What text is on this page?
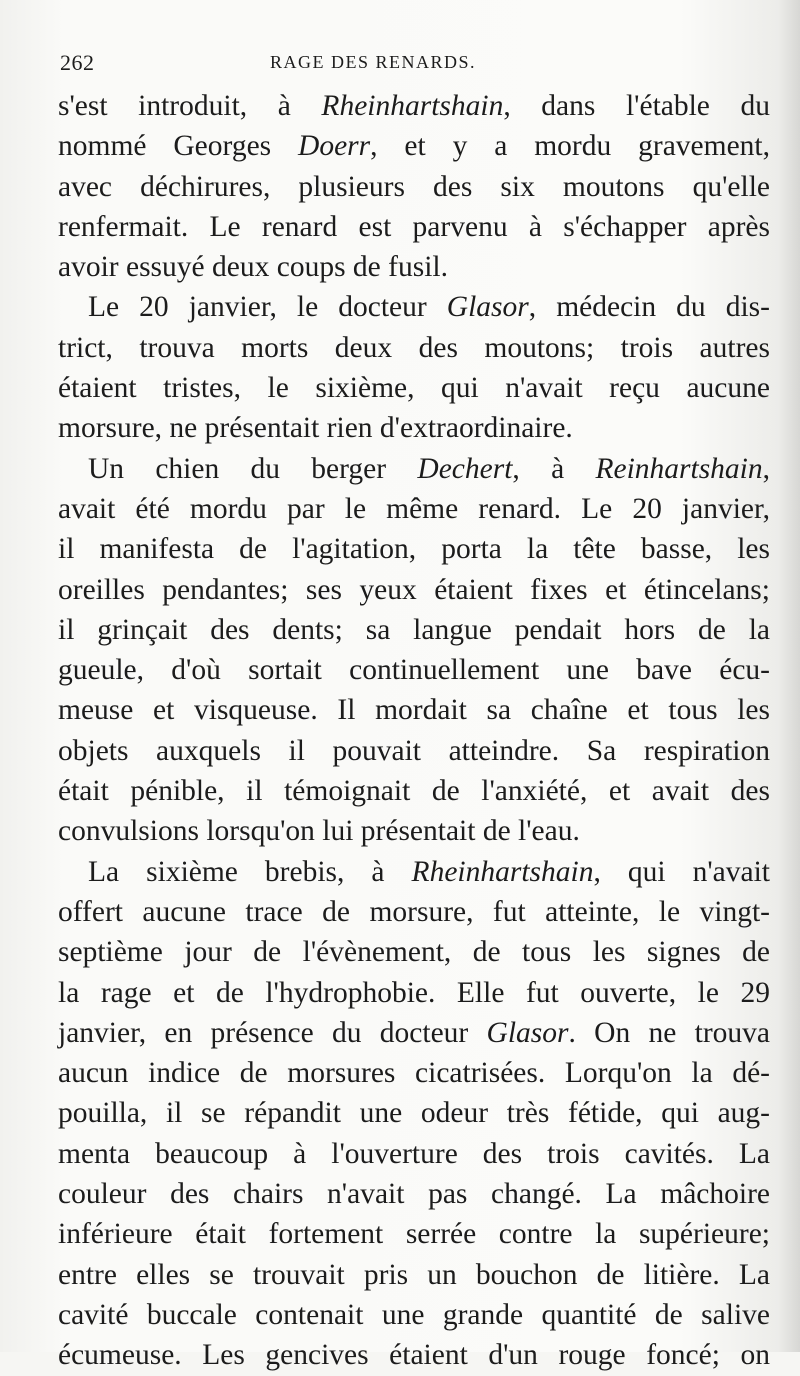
262	RAGE DES RENARDS.
s'est introduit, à Rheinhartshain, dans l'étable du
nommé Georges Doerr, et y a mordu gravement,
avec déchirures, plusieurs des six moutons qu'elle
renfermait. Le renard est parvenu à s'échapper après
avoir essuyé deux coups de fusil.
Le 20 janvier, le docteur Glasor, médecin du dis-
trict, trouva morts deux des moutons; trois autres
étaient tristes, le sixième, qui n'avait reçu aucune
morsure, ne présentait rien d'extraordinaire.
Un chien du berger Dechert, à Reinhartshain,
avait été mordu par le même renard. Le 20 janvier,
il manifesta de l'agitation, porta la tête basse, les
oreilles pendantes; ses yeux étaient fixes et étincelans;
il grinçait des dents; sa langue pendait hors de la
gueule, d'où sortait continuellement une bave écu-
meuse et visqueuse. Il mordait sa chaîne et tous les
objets auxquels il pouvait atteindre. Sa respiration
était pénible, il témoignait de l'anxiété, et avait des
convulsions lorsqu'on lui présentait de l'eau.
La sixième brebis, à Rheinhartshain, qui n'avait
offert aucune trace de morsure, fut atteinte, le vingt-
septième jour de l'évènement, de tous les signes de
la rage et de l'hydrophobie. Elle fut ouverte, le 29
janvier, en présence du docteur Glasor. On ne trouva
aucun indice de morsures cicatrisées. Lorqu'on la dé-
pouilla, il se répandit une odeur très fétide, qui aug-
menta beaucoup à l'ouverture des trois cavités. La
couleur des chairs n'avait pas changé. La mâchoire
inférieure était fortement serrée contre la supérieure;
entre elles se trouvait pris un bouchon de litière. La
cavité buccale contenait une grande quantité de salive
écumeuse. Les gencives étaient d'un rouge foncé; on
